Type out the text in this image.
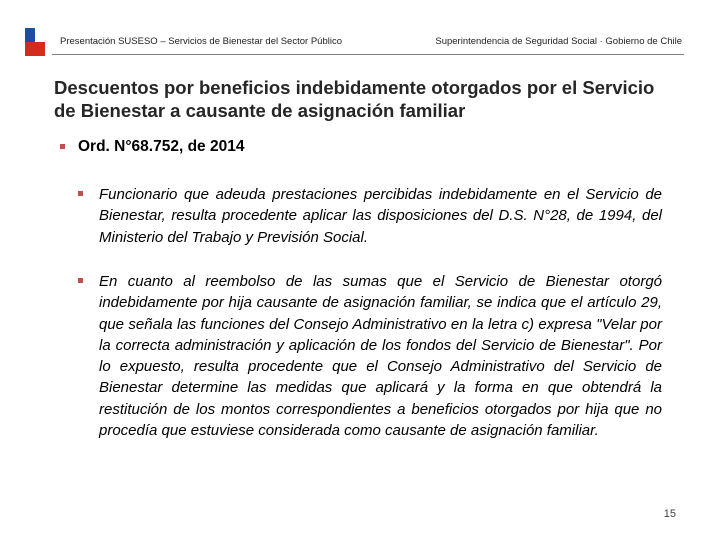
Presentación SUSESO – Servicios de Bienestar del Sector Público	Superintendencia de Seguridad Social · Gobierno de Chile
Descuentos por beneficios indebidamente otorgados por el Servicio de Bienestar a causante de asignación familiar
Ord. N°68.752, de 2014
Funcionario que adeuda prestaciones percibidas indebidamente en el Servicio de Bienestar, resulta procedente aplicar las disposiciones del D.S. N°28, de 1994, del Ministerio del Trabajo y Previsión Social.
En cuanto al reembolso de las sumas que el Servicio de Bienestar otorgó indebidamente por hija causante de asignación familiar, se indica que el artículo 29, que señala las funciones del Consejo Administrativo en la letra c) expresa "Velar por la correcta administración y aplicación de los fondos del Servicio de Bienestar". Por lo expuesto, resulta procedente que el Consejo Administrativo del Servicio de Bienestar determine las medidas que aplicará y la forma en que obtendrá la restitución de los montos correspondientes a beneficios otorgados por hija que no procedía que estuviese considerada como causante de asignación familiar.
15
